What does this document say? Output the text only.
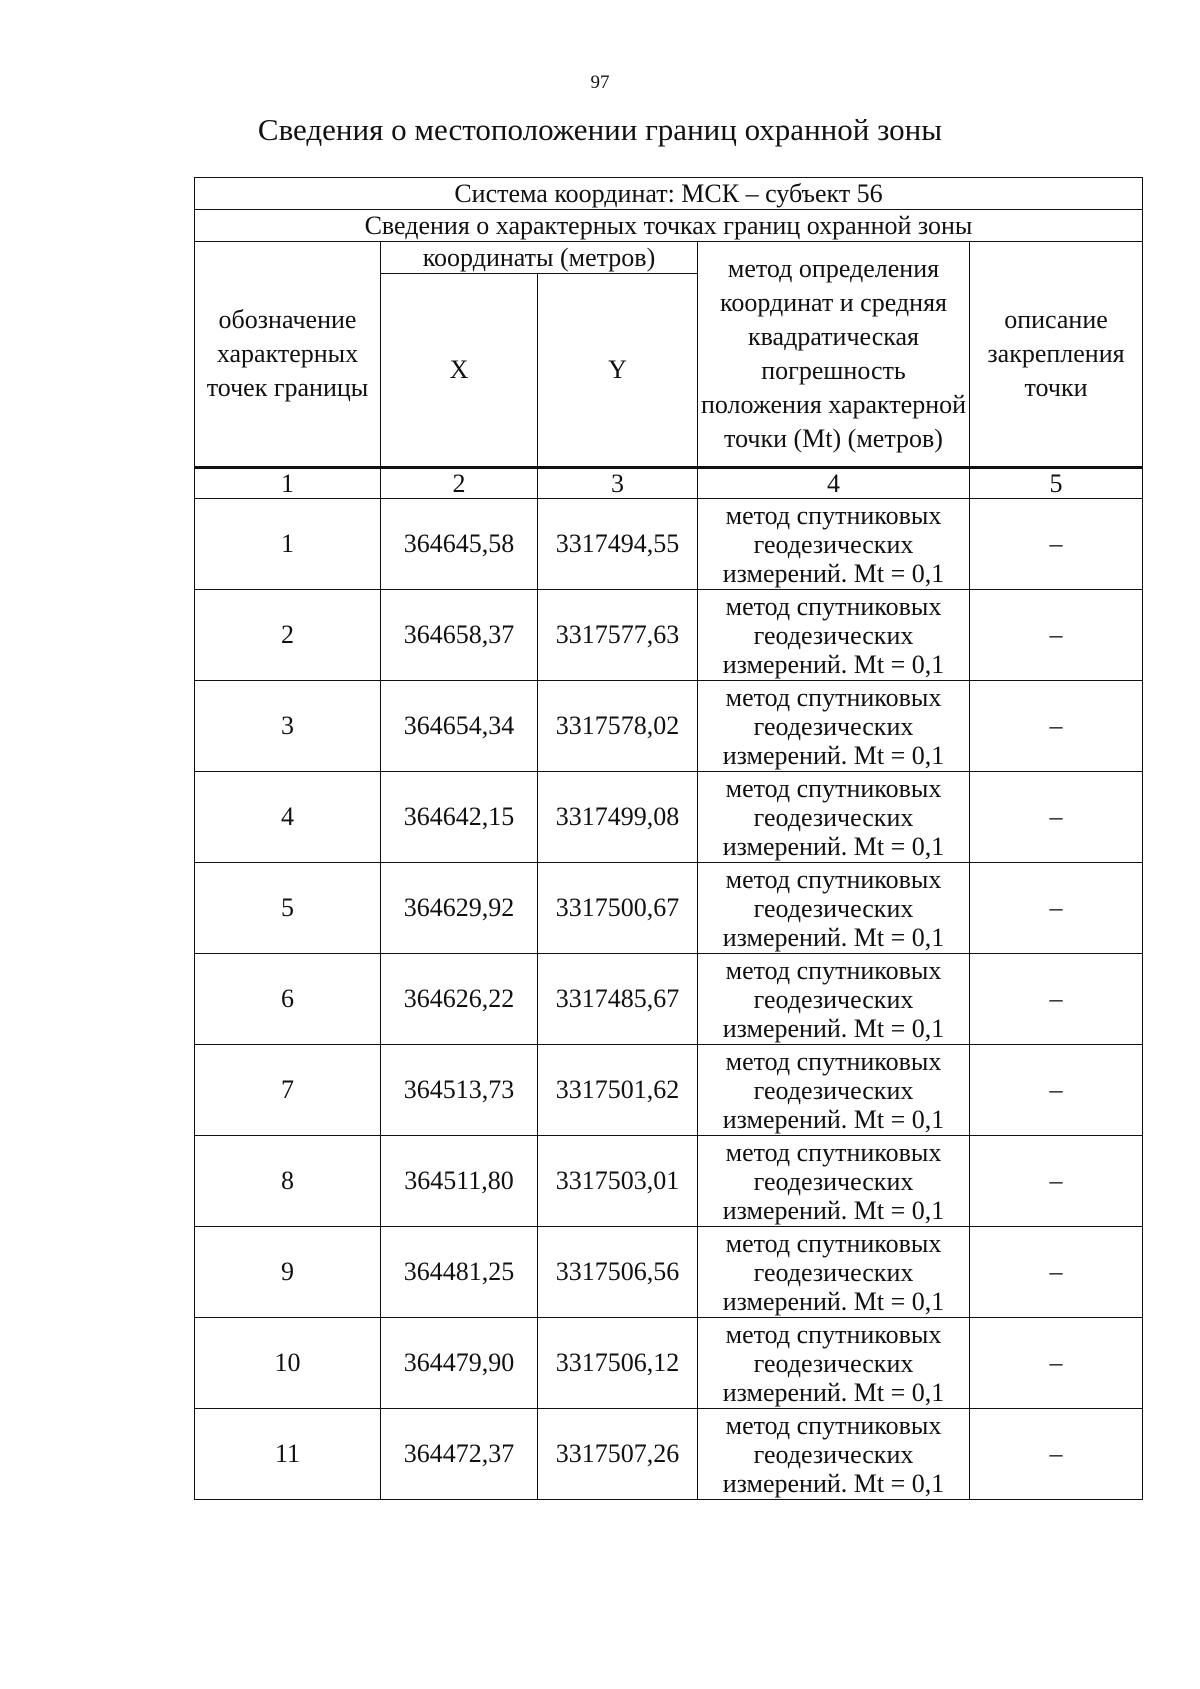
97
Сведения о местоположении границ охранной зоны
Система координат: МСК – субъект 56				
Сведения о характерных точках границ охранной зоны				
обозначение характерных точек границы	координаты (метров)		метод определения координат и средняя квадратическая погрешность положения характерной точки (Mt) (метров)	описание закрепления точки
	X	Y		
1	2	3	4	5
1	364645,58	3317494,55	метод спутниковых
геодезических
измерений. Mt = 0,1	–
2	364658,37	3317577,63	метод спутниковых
геодезических
измерений. Mt = 0,1	–
3	364654,34	3317578,02	метод спутниковых
геодезических
измерений. Mt = 0,1	–
4	364642,15	3317499,08	метод спутниковых
геодезических
измерений. Mt = 0,1	–
5	364629,92	3317500,67	метод спутниковых
геодезических
измерений. Mt = 0,1	–
6	364626,22	3317485,67	метод спутниковых
геодезических
измерений. Mt = 0,1	–
7	364513,73	3317501,62	метод спутниковых
геодезических
измерений. Mt = 0,1	–
8	364511,80	3317503,01	метод спутниковых
геодезических
измерений. Mt = 0,1	–
9	364481,25	3317506,56	метод спутниковых
геодезических
измерений. Mt = 0,1	–
10	364479,90	3317506,12	метод спутниковых
геодезических
измерений. Mt = 0,1	–
11	364472,37	3317507,26	метод спутниковых
геодезических
измерений. Mt = 0,1	–
